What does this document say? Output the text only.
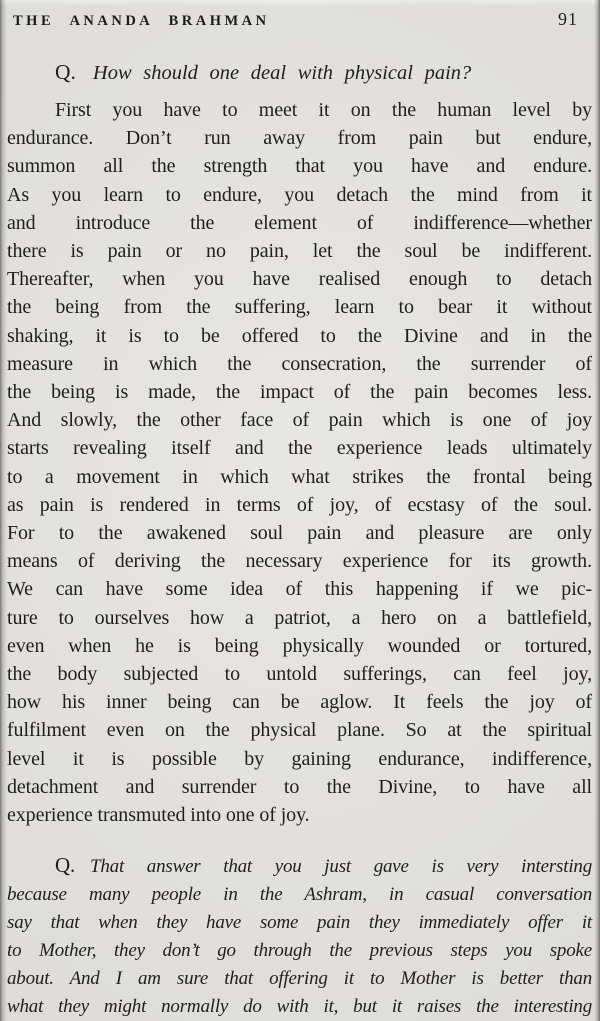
THE ANANDA BRAHMAN	91
Q. How should one deal with physical pain?
First you have to meet it on the human level by
endurance. Don’t run away from pain but endure,
summon all the strength that you have and endure.
As you learn to endure, you detach the mind from it
and introduce the element of indifference—whether
there is pain or no pain, let the soul be indifferent.
Thereafter, when you have realised enough to detach
the being from the suffering, learn to bear it without
shaking, it is to be offered to the Divine and in the
measure in which the consecration, the surrender of
the being is made, the impact of the pain becomes less.
And slowly, the other face of pain which is one of joy
starts revealing itself and the experience leads ultimately
to a movement in which what strikes the frontal being
as pain is rendered in terms of joy, of ecstasy of the soul.
For to the awakened soul pain and pleasure are only
means of deriving the necessary experience for its growth.
We can have some idea of this happening if we pic-
ture to ourselves how a patriot, a hero on a battlefield,
even when he is being physically wounded or tortured,
the body subjected to untold sufferings, can feel joy,
how his inner being can be aglow. It feels the joy of
fulfilment even on the physical plane. So at the spiritual
level it is possible by gaining endurance, indifference,
detachment and surrender to the Divine, to have all
experience transmuted into one of joy.
Q. That answer that you just gave is very intersting
because many people in the Ashram, in casual conversation
say that when they have some pain they immediately offer it
to Mother, they don’t go through the previous steps you spoke
about. And I am sure that offering it to Mother is better than
what they might normally do with it, but it raises the interesting
